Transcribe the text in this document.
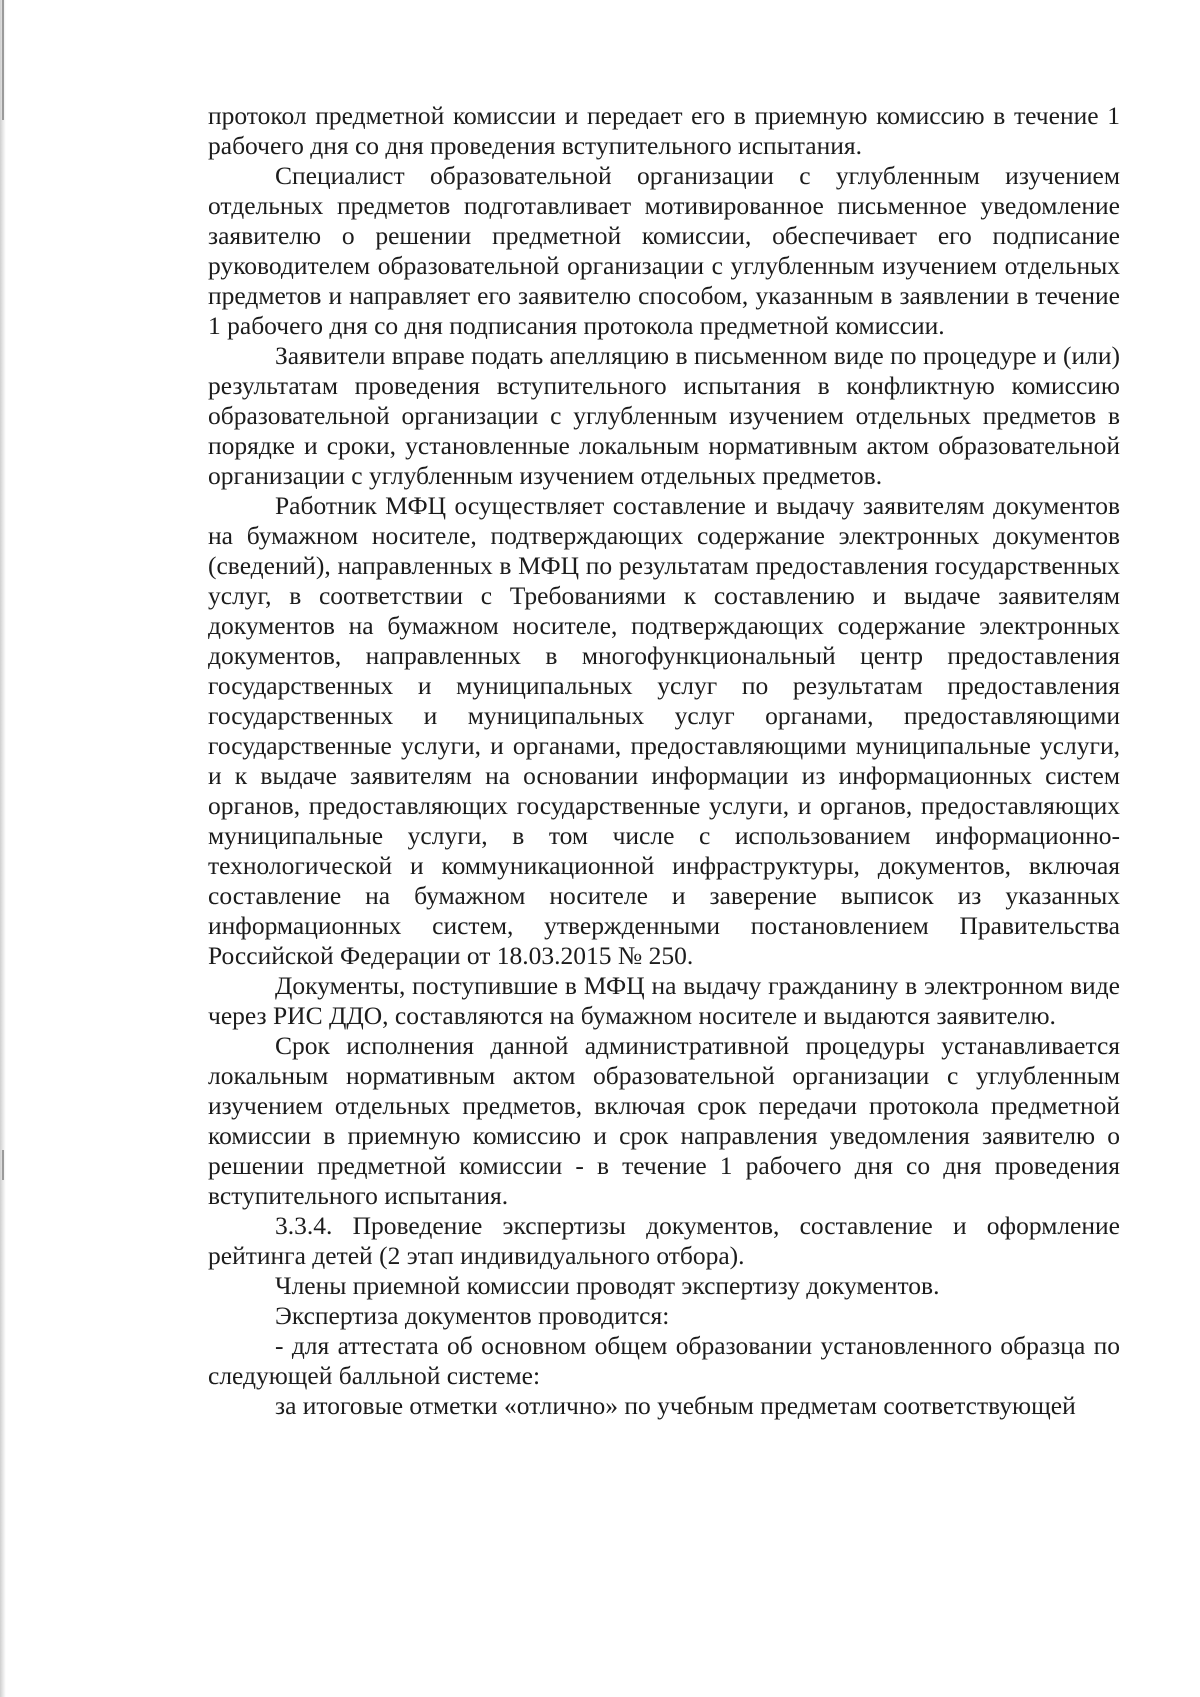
протокол предметной комиссии и передает его в приемную комиссию в течение 1 рабочего дня со дня проведения вступительного испытания.

Специалист образовательной организации с углубленным изучением отдельных предметов подготавливает мотивированное письменное уведомление заявителю о решении предметной комиссии, обеспечивает его подписание руководителем образовательной организации с углубленным изучением отдельных предметов и направляет его заявителю способом, указанным в заявлении в течение 1 рабочего дня со дня подписания протокола предметной комиссии.

Заявители вправе подать апелляцию в письменном виде по процедуре и (или) результатам проведения вступительного испытания в конфликтную комиссию образовательной организации с углубленным изучением отдельных предметов в порядке и сроки, установленные локальным нормативным актом образовательной организации с углубленным изучением отдельных предметов.

Работник МФЦ осуществляет составление и выдачу заявителям документов на бумажном носителе, подтверждающих содержание электронных документов (сведений), направленных в МФЦ по результатам предоставления государственных услуг, в соответствии с Требованиями к составлению и выдаче заявителям документов на бумажном носителе, подтверждающих содержание электронных документов, направленных в многофункциональный центр предоставления государственных и муниципальных услуг по результатам предоставления государственных и муниципальных услуг органами, предоставляющими государственные услуги, и органами, предоставляющими муниципальные услуги, и к выдаче заявителям на основании информации из информационных систем органов, предоставляющих государственные услуги, и органов, предоставляющих муниципальные услуги, в том числе с использованием информационно-технологической и коммуникационной инфраструктуры, документов, включая составление на бумажном носителе и заверение выписок из указанных информационных систем, утвержденными постановлением Правительства Российской Федерации от 18.03.2015 № 250.

Документы, поступившие в МФЦ на выдачу гражданину в электронном виде через РИС ДДО, составляются на бумажном носителе и выдаются заявителю.

Срок исполнения данной административной процедуры устанавливается локальным нормативным актом образовательной организации с углубленным изучением отдельных предметов, включая срок передачи протокола предметной комиссии в приемную комиссию и срок направления уведомления заявителю о решении предметной комиссии - в течение 1 рабочего дня со дня проведения вступительного испытания.

3.3.4. Проведение экспертизы документов, составление и оформление рейтинга детей (2 этап индивидуального отбора).

Члены приемной комиссии проводят экспертизу документов.

Экспертиза документов проводится:

- для аттестата об основном общем образовании установленного образца по следующей балльной системе:

за итоговые отметки «отлично» по учебным предметам соответствующей
